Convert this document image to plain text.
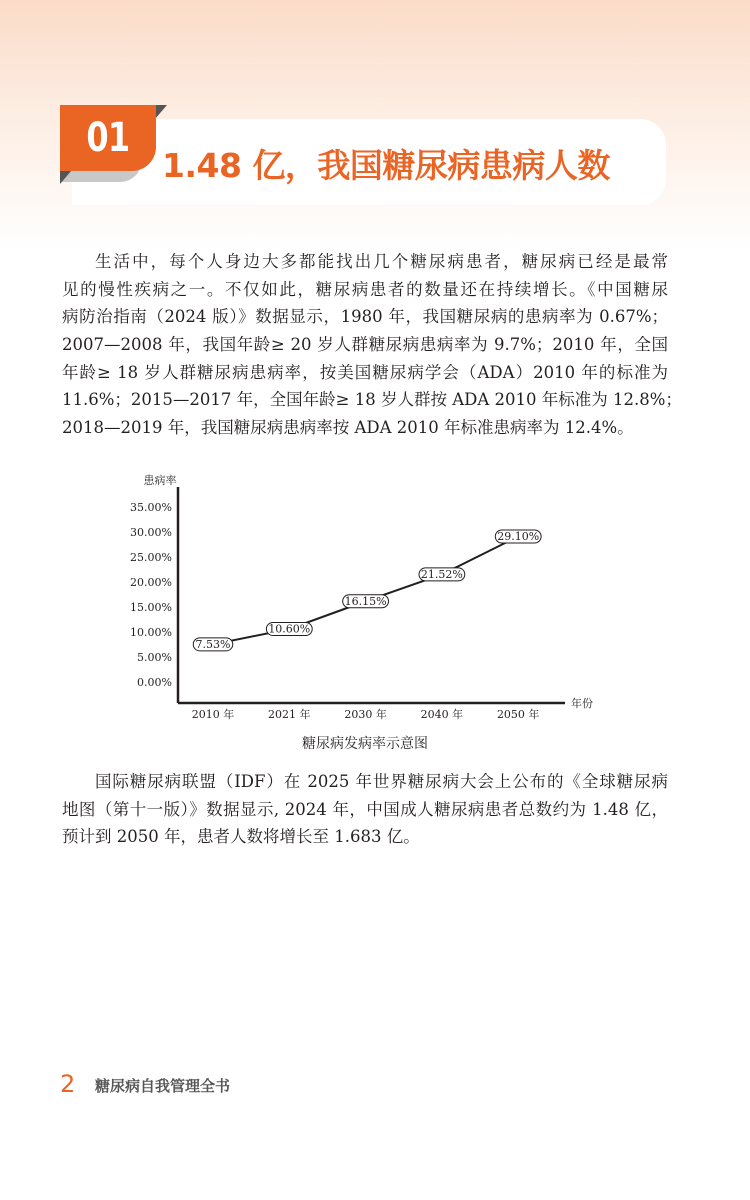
01
1.48 亿，我国糖尿病患病人数
生活中，每个人身边大多都能找出几个糖尿病患者，糖尿病已经是最常
见的慢性疾病之一。不仅如此，糖尿病患者的数量还在持续增长。《中国糖尿
病防治指南（2024 版）》数据显示，1980 年，我国糖尿病的患病率为 0.67%；
2007—2008 年，我国年龄≥ 20 岁人群糖尿病患病率为 9.7%；2010 年，全国
年龄≥ 18 岁人群糖尿病患病率，按美国糖尿病学会（ADA）2010 年的标准为
11.6%；2015—2017 年，全国年龄≥ 18 岁人群按 ADA 2010 年标准为 12.8%；
2018—2019 年，我国糖尿病患病率按 ADA 2010 年标准患病率为 12.4%。
患病率
年份
0.00%
5.00%
10.00%
15.00%
20.00%
25.00%
30.00%
35.00%
2010 年	2021 年	2030 年	2040 年	2050 年
7.53%
10.60%
16.15%
21.52%
29.10%
糖尿病发病率示意图
国际糖尿病联盟（IDF）在 2025 年世界糖尿病大会上公布的《全球糖尿病
地图（第十一版）》数据显示, 2024 年，中国成人糖尿病患者总数约为 1.48 亿，
预计到 2050 年，患者人数将增长至 1.683 亿。
2 糖尿病自我管理全书
